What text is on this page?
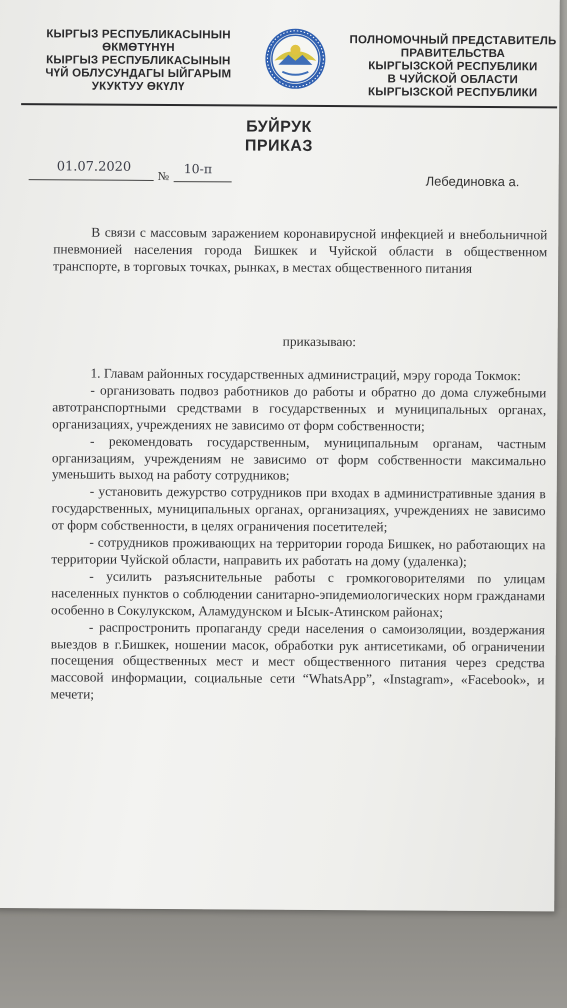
КЫРГЫЗ РЕСПУБЛИКАСЫНЫН
ӨКМӨТҮНҮН
КЫРГЫЗ РЕСПУБЛИКАСЫНЫН
ЧҮЙ ОБЛУСУНДАГЫ ЫЙГАРЫМ
УКУКТУУ ӨКҮЛҮ
ПОЛНОМОЧНЫЙ ПРЕДСТАВИТЕЛЬ
ПРАВИТЕЛЬСТВА
КЫРГЫЗСКОЙ РЕСПУБЛИКИ
В ЧУЙСКОЙ ОБЛАСТИ
КЫРГЫЗСКОЙ РЕСПУБЛИКИ
БУЙРУК
ПРИКАЗ
01.07.2020
№ 10-п
Лебединовка а.
В связи с массовым заражением коронавирусной инфекцией и внебольничной пневмонией населения города Бишкек и Чуйской области в общественном транспорте, в торговых точках, рынках, в местах общественного питания
приказываю:

1. Главам районных государственных администраций, мэру города Токмок:

- организовать подвоз работников до работы и обратно до дома служебными автотранспортными средствами в государственных и муниципальных органах, организациях, учреждениях не зависимо от форм собственности;

- рекомендовать государственным, муниципальным органам, частным организациям, учреждениям не зависимо от форм собственности максимально уменьшить выход на работу сотрудников;

- установить дежурство сотрудников при входах в административные здания в государственных, муниципальных органах, организациях, учреждениях не зависимо от форм собственности, в целях ограничения посетителей;

- сотрудников проживающих на территории города Бишкек, но работающих на территории Чуйской области, направить их работать на дому (удаленка);

- усилить разъяснительные работы с громкоговорителями по улицам населенных пунктов о соблюдении санитарно-эпидемиологических норм гражданами особенно в Сокулукском, Аламудунском и Ысык-Атинском районах;

- распростронить пропаганду среди населения о самоизоляции, воздержания выездов в г.Бишкек, ношении масок, обработки рук антисетиками, об ограничении посещения общественных мест и мест общественного питания через средства массовой информации, социальные сети “WhatsApp”, «Instagram», «Facebook», и мечети;
